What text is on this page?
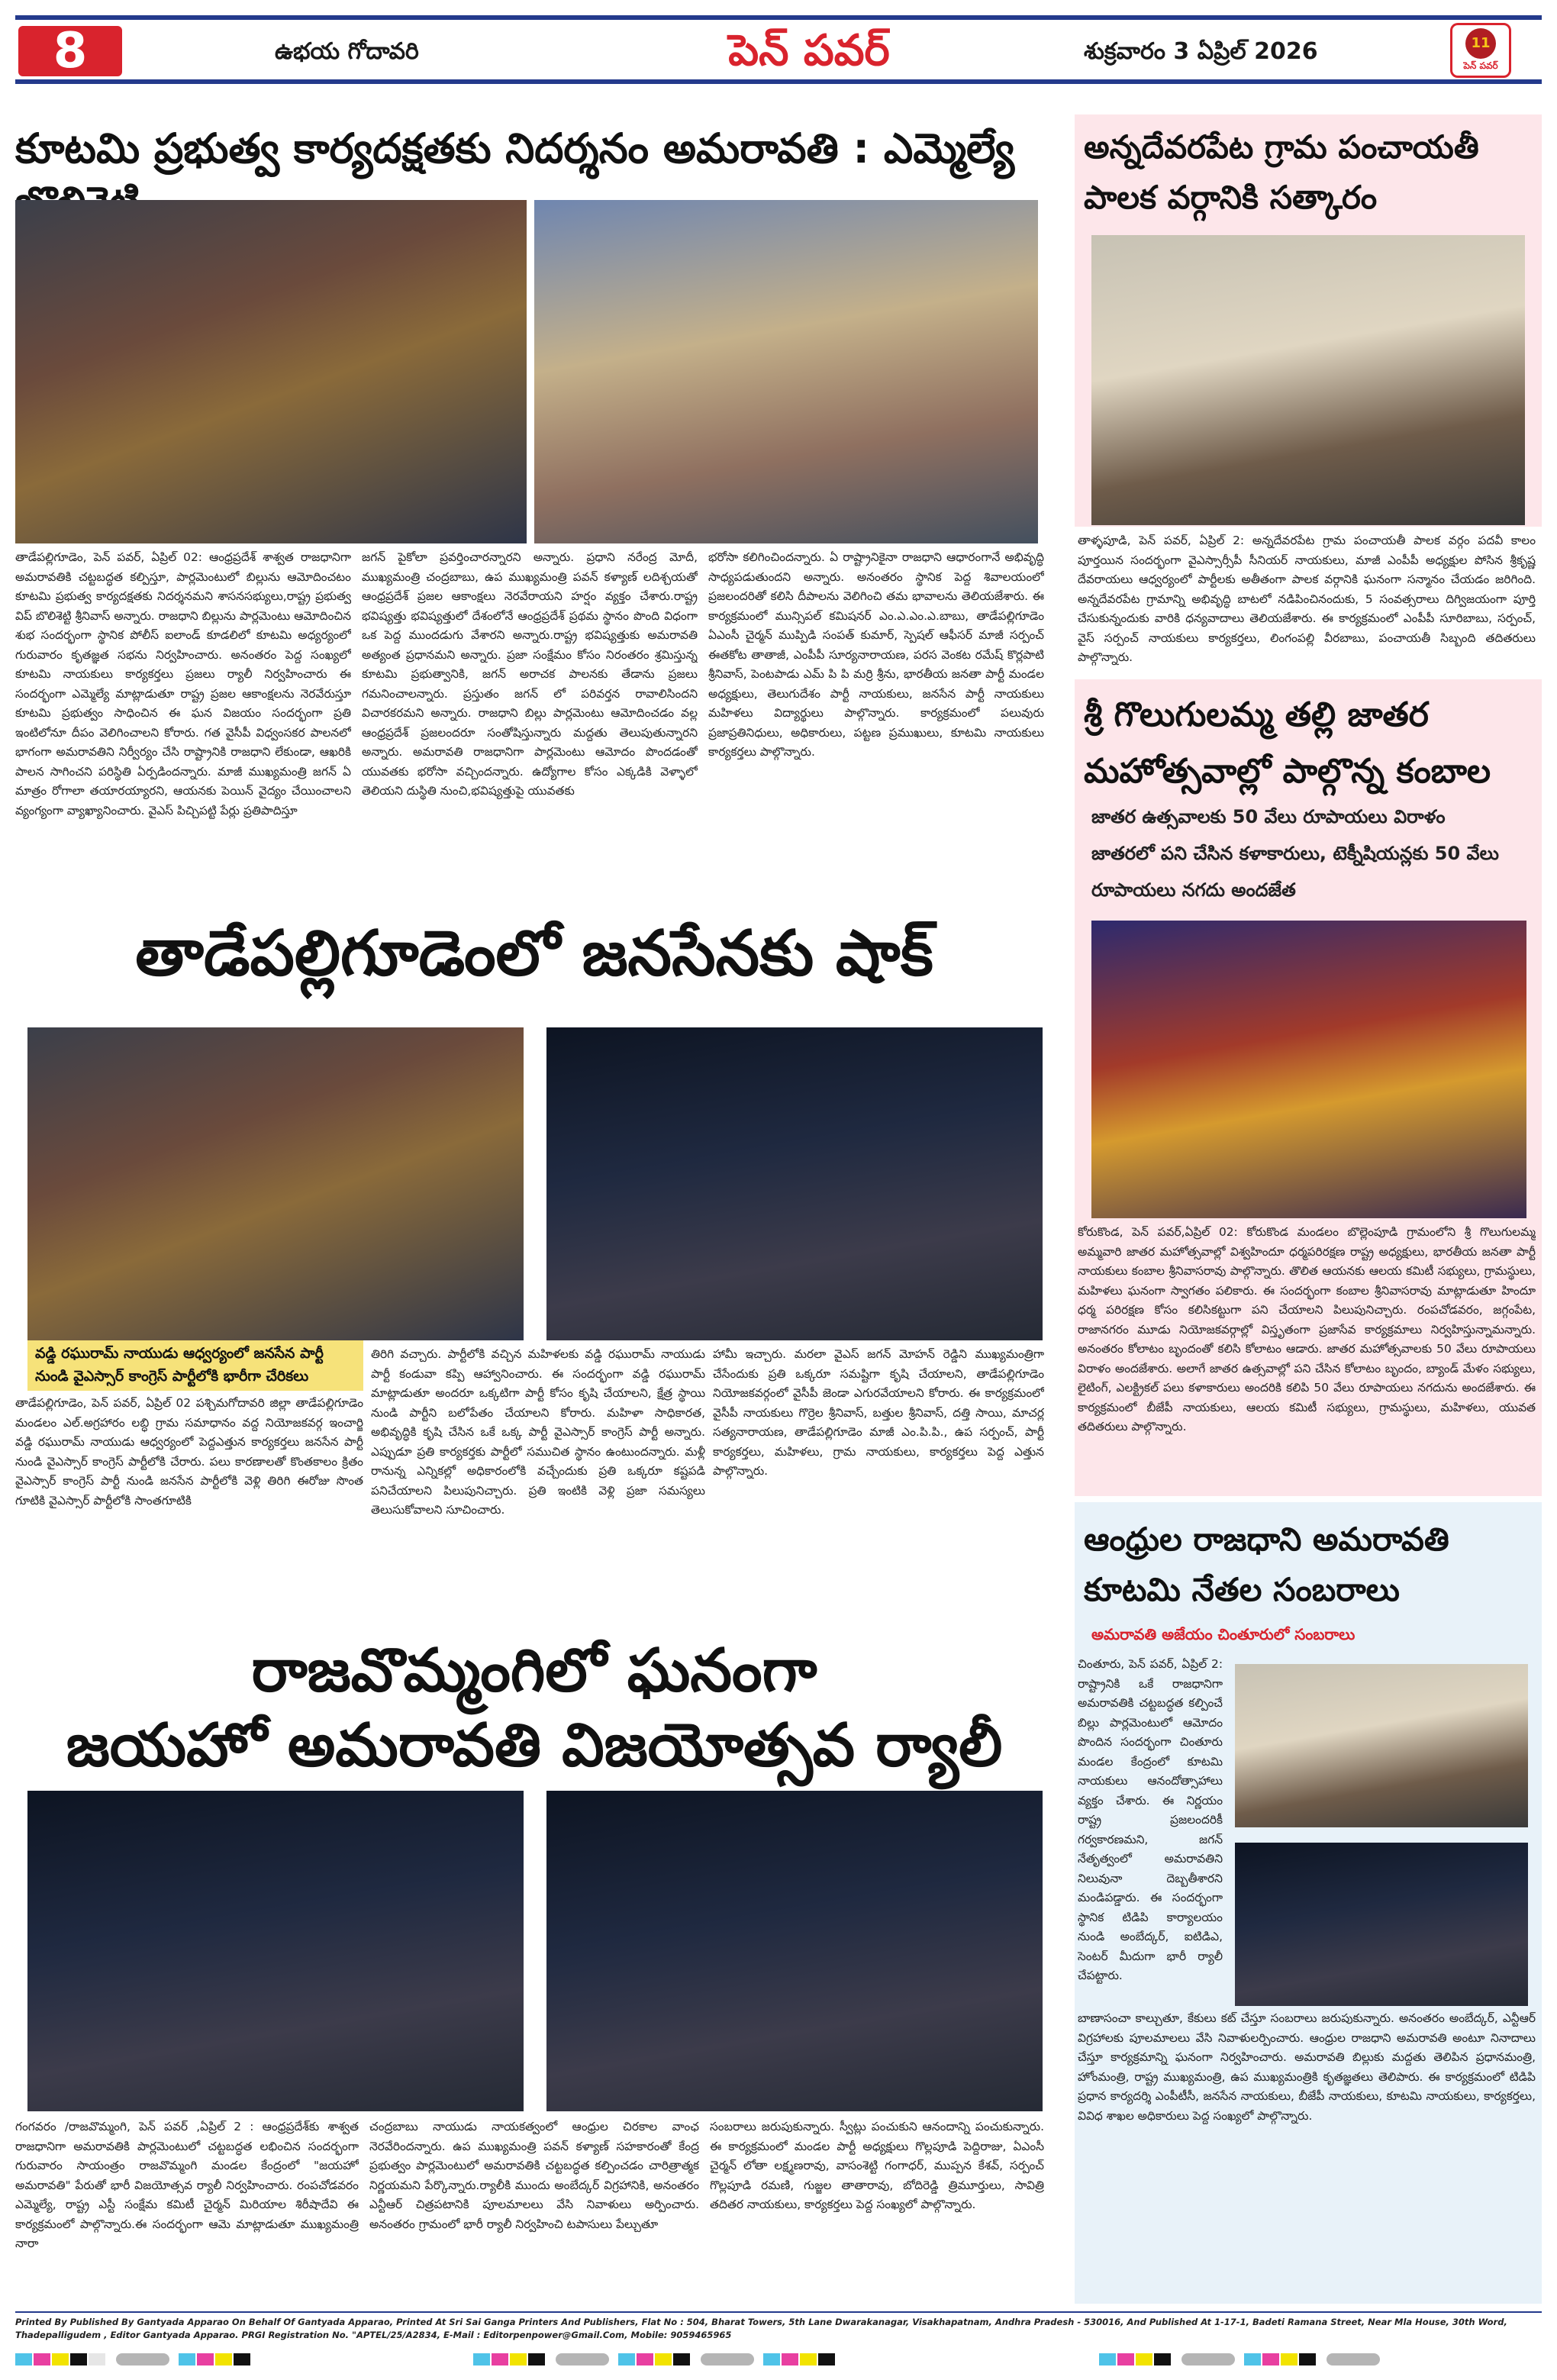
8	ఉభయ గోదావరి	పెన్ పవర్	శుక్రవారం 3 ఏప్రిల్ 2026	11
పెన్ పవర్
కూటమి ప్రభుత్వ కార్యదక్షతకు నిదర్శనం అమరావతి : ఎమ్మెల్యే
తాడేపల్లిగూడెం, పెన్ పవర్, ఏప్రిల్ 02: ఆంధ్రప్రదేశ్ శాశ్వత రాజధానిగా అమరావతికి చట్టబద్ధత కల్పిస్తూ, పార్లమెంటులో బిల్లును ఆమోదించటం కూటమి ప్రభుత్వ కార్యదక్షతకు నిదర్శనమని శాసనసభ్యులు,రాష్ట్ర ప్రభుత్వ విప్ బొలిశెట్టి శ్రీనివాస్ అన్నారు. రాజధాని బిల్లును పార్లమెంటు ఆమోదించిన శుభ సందర్భంగా స్థానిక పోలీస్ ఐలాండ్ కూడలిలో కూటమి అధ్యర్యంలో గురువారం కృతజ్ఞత సభను నిర్వహించారు. అనంతరం పెద్ద సంఖ్యలో కూటమి నాయకులు కార్యకర్తలు ప్రజలు ర్యాలీ నిర్వహించారు ఈ సందర్భంగా ఎమ్మెల్యే మాట్లాడుతూ రాష్ట్ర ప్రజల ఆకాంక్షలను నెరవేరుస్తూ కూటమి ప్రభుత్వం సాధించిన ఈ ఘన విజయం సందర్భంగా ప్రతి ఇంటిలోనూ దీపం వెలిగించాలని కోరారు. గత వైసీపీ విధ్వంసకర పాలనలో భాగంగా అమరావతిని నిర్వీర్యం చేసి రాష్ట్రానికి రాజధాని లేకుండా, ఆఖరికి పాలన సాగించని పరిస్థితి ఏర్పడిందన్నారు. మాజీ ముఖ్యమంత్రి జగన్ ఏ మాత్రం రోగాలా తయారయ్యారని, ఆయనకు పెయిన్ వైద్యం చేయించాలని వ్యంగ్యంగా వ్యాఖ్యానించారు. వైఎస్ పిచ్చిపట్టి పేర్లు ప్రతిపాదిస్తూ
జగన్ పైకోలా ప్రవర్తించారన్నారని అన్నారు. ప్రధాని నరేంద్ర మోదీ, ముఖ్యమంత్రి చంద్రబాబు, ఉప ముఖ్యమంత్రి పవన్ కళ్యాణ్ లదిశ్చయతో ఆంధ్రప్రదేశ్ ప్రజల ఆకాంక్షలు నెరవేరాయని హర్షం వ్యక్తం చేశారు.రాష్ట్ర భవిష్యత్తు భవిష్యత్తులో దేశంలోనే ఆంధ్రప్రదేశ్ ప్రథమ స్థానం పొంది విధంగా ఒక పెద్ద ముందడుగు వేశారని అన్నారు.రాష్ట్ర భవిష్యత్తుకు అమరావతి అత్యంత ప్రధానమని అన్నారు. ప్రజా సంక్షేమం కోసం నిరంతరం శ్రమిస్తున్న కూటమి ప్రభుత్వానికి, జగన్ అరాచక పాలనకు తేడాను ప్రజలు గమనించాలన్నారు. ప్రస్తుతం జగన్ లో పరివర్తన రావాలిసిందని విచారకరమని అన్నారు. రాజధాని బిల్లు పార్లమెంటు ఆమోదించడం వల్ల ఆంధ్రప్రదేశ్ ప్రజలందరూ సంతోషిస్తున్నారు మద్దతు తెలుపుతున్నారని అన్నారు. అమరావతి రాజధానిగా పార్లమెంటు ఆమోదం పొందడంతో యువతకు భరోసా వచ్చిందన్నారు. ఉద్యోగాల కోసం ఎక్కడికి వెళ్ళాలో తెలియని దుస్థితి నుంచి,భవిష్యత్తుపై యువతకు
భరోసా కలిగించిందన్నారు. ఏ రాష్ట్రానికైనా రాజధాని ఆధారంగానే అభివృద్ధి సాధ్యపడుతుందని అన్నారు. అనంతరం స్థానిక పెద్ద శివాలయంలో ప్రజలందరితో కలిసి దీపాలను వెలిగించి తమ భావాలను తెలియజేశారు. ఈ కార్యక్రమంలో మున్సిపల్ కమిషనర్ ఎం.ఎ.ఎం.ఎ.బాబు, తాడేపల్లిగూడెం ఏఎంసీ చైర్మన్ ముప్పిడి సంపత్ కుమార్, స్పెషల్ ఆఫీసర్ మాజీ సర్పంచ్ ఈతకోట తాతాజీ, ఎంపీపీ సూర్యనారాయణ, పరస వెంకట రమేష్ కొర్లపాటి శ్రీనివాస్, పెంటపాడు ఎమ్ పి పి మర్రి శ్రీను, భారతీయ జనతా పార్టీ మండల అధ్యక్షులు, తెలుగుదేశం పార్టీ నాయకులు, జనసేన పార్టీ నాయకులు మహిళలు విద్యార్థులు పాల్గొన్నారు. కార్యక్రమంలో పలువురు ప్రజాప్రతినిధులు, అధికారులు, పట్టణ ప్రముఖులు, కూటమి నాయకులు కార్యకర్తలు పాల్గొన్నారు.
తాడేపల్లిగూడెంలో జనసేనకు షాక్
వడ్డి రఘురామ్ నాయుడు ఆధ్వర్యంలో జనసేన పార్టీ నుండి వైఎస్సార్ కాంగ్రెస్ పార్టీలోకి భారీగా చేరికలు
తాడేపల్లిగూడెం, పెన్ పవర్, ఏప్రిల్ 02 పశ్చిమగోదావరి జిల్లా తాడేపల్లిగూడెం మండలం ఎల్.అగ్రహారం లబ్ధి గ్రామ సమాధానం వద్ద నియోజకవర్గ ఇంచార్జి వడ్డి రఘురామ్ నాయుడు ఆధ్వర్యంలో పెద్దఎత్తున కార్యకర్తలు జనసేన పార్టీ నుండి వైఎస్సార్ కాంగ్రెస్ పార్టీలోకి చేరారు. పలు కారణాలతో కొంతకాలం క్రితం వైఎస్సార్ కాంగ్రెస్ పార్టీ నుండి జనసేన పార్టీలోకి వెళ్లి తిరిగి ఈరోజు సొంత గూటికి వైఎస్సార్ పార్టీలోకి సాంతగూటికి
తిరిగి వచ్చారు. పార్టీలోకి వచ్చిన మహిళలకు వడ్డి రఘురామ్ నాయుడు పార్టీ కండువా కప్పి ఆహ్వానించారు. ఈ సందర్భంగా వడ్డి రఘురామ్ మాట్లాడుతూ అందరూ ఒక్కటిగా పార్టీ కోసం కృషి చేయాలని, క్షేత్ర స్థాయి నుండి పార్టీని బలోపేతం చేయాలని కోరారు. మహిళా సాధికారత, అభివృద్ధికి కృషి చేసిన ఒకే ఒక్క పార్టీ వైఎస్సార్ కాంగ్రెస్ పార్టీ అన్నారు. ఎప్పుడూ ప్రతి కార్యకర్తకు పార్టీలో సముచిత స్థానం ఉంటుందన్నారు. మళ్లీ రానున్న ఎన్నికల్లో అధికారంలోకి వచ్చేందుకు ప్రతి ఒక్కరూ కష్టపడి పనిచేయాలని పిలుపునిచ్చారు. ప్రతి ఇంటికి వెళ్లి ప్రజా సమస్యలు తెలుసుకోవాలని సూచించారు.
హామీ ఇచ్చారు. మరలా వైఎస్ జగన్ మోహన్ రెడ్డిని ముఖ్యమంత్రిగా చేసేందుకు ప్రతి ఒక్కరూ సమష్టిగా కృషి చేయాలని, తాడేపల్లిగూడెం నియోజకవర్గంలో వైసీపీ జెండా ఎగురవేయాలని కోరారు. ఈ కార్యక్రమంలో వైసీపీ నాయకులు గొర్రెల శ్రీనివాస్, బత్తుల శ్రీనివాస్, దత్తి సాయి, మాచర్ల సత్యనారాయణ, తాడేపల్లిగూడెం మాజీ ఎం.పి.పి., ఉప సర్పంచ్, పార్టీ కార్యకర్తలు, మహిళలు, గ్రామ నాయకులు, కార్యకర్తలు పెద్ద ఎత్తున పాల్గొన్నారు.
రాజవొమ్మంగిలో ఘనంగా
జయహో అమరావతి విజయోత్సవ ర్యాలీ
గంగవరం /రాజవొమ్మంగి, పెన్ పవర్ ,ఏప్రిల్ 2 : ఆంధ్రప్రదేశ్‌కు శాశ్వత రాజధానిగా అమరావతికి పార్లమెంటులో చట్టబద్ధత లభించిన సందర్భంగా గురువారం సాయంత్రం రాజవొమ్మంగి మండల కేంద్రంలో "జయహో అమరావతి" పేరుతో భారీ విజయోత్సవ ర్యాలీ నిర్వహించారు. రంపచోడవరం ఎమ్మెల్యే, రాష్ట్ర ఎస్టీ సంక్షేమ కమిటీ చైర్మన్ మిరియాల శిరీషాదేవి ఈ కార్యక్రమంలో పాల్గొన్నారు.ఈ సందర్భంగా ఆమె మాట్లాడుతూ ముఖ్యమంత్రి నారా
చంద్రబాబు నాయుడు నాయకత్వంలో ఆంధ్రుల చిరకాల వాంఛ నెరవేరిందన్నారు. ఉప ముఖ్యమంత్రి పవన్ కళ్యాణ్ సహకారంతో కేంద్ర ప్రభుత్వం పార్లమెంటులో అమరావతికి చట్టబద్ధత కల్పించడం చారిత్రాత్మక నిర్ణయమని పేర్కొన్నారు.ర్యాలీకి ముందు అంబేద్కర్ విగ్రహానికి, అనంతరం ఎన్టీఆర్ చిత్రపటానికి పూలమాలలు వేసి నివాళులు అర్పించారు. అనంతరం గ్రామంలో భారీ ర్యాలీ నిర్వహించి టపాసులు పేల్చుతూ
సంబరాలు జరుపుకున్నారు. స్వీట్లు పంచుకుని ఆనందాన్ని పంచుకున్నారు. ఈ కార్యక్రమంలో మండల పార్టీ అధ్యక్షులు గొల్లపూడి పెద్దిరాజు, ఏఎంసీ చైర్మన్ లోతా లక్ష్మణరావు, వాసంశెట్టి గంగాధర్, ముప్పన కేశవ్, సర్పంచ్ గొల్లపూడి రమణి, గుజ్జల తాతారావు, బోదిరెడ్డి త్రిమూర్తులు, సావిత్రి తదితర నాయకులు, కార్యకర్తలు పెద్ద సంఖ్యలో పాల్గొన్నారు.
అన్నదేవరపేట గ్రామ పంచాయతీ పాలక వర్గానికి సత్కారం
తాళ్ళపూడి, పెన్ పవర్, ఏప్రిల్ 2: అన్నదేవరపేట గ్రామ పంచాయతీ పాలక వర్గం పదవీ కాలం పూర్తయిన సందర్భంగా వైఎస్సార్సీపీ సీనియర్ నాయకులు, మాజీ ఎంపీపీ అధ్యక్షుల పోసిన శ్రీకృష్ణ దేవరాయలు ఆధ్వర్యంలో పార్టీలకు అతీతంగా పాలక వర్గానికి ఘనంగా సన్మానం చేయడం జరిగింది. అన్నదేవరపేట గ్రామాన్ని అభివృద్ధి బాటలో నడిపించినందుకు, 5 సంవత్సరాలు దిగ్విజయంగా పూర్తి చేసుకున్నందుకు వారికి ధన్యవాదాలు తెలియజేశారు. ఈ కార్యక్రమంలో ఎంపీపీ సూరిబాబు, సర్పంచ్, వైస్ సర్పంచ్ నాయకులు కార్యకర్తలు, లింగంపల్లి వీరబాబు, పంచాయతీ సిబ్బంది తదితరులు పాల్గొన్నారు.
శ్రీ గొలుగులమ్మ తల్లి జాతర మహోత్సవాల్లో పాల్గొన్న కంబాల
జాతర ఉత్సవాలకు 50 వేలు రూపాయలు విరాళం
జాతరలో పని చేసిన కళాకారులు, టెక్నీషియన్లకు 50 వేలు రూపాయలు నగదు అందజేత
కోరుకొండ, పెన్ పవర్,ఏప్రిల్ 02: కోరుకొండ మండలం బొల్లెంపూడి గ్రామంలోని శ్రీ గొలుగులమ్మ అమ్మవారి జాతర మహోత్సవాల్లో విశ్వహిందూ ధర్మపరిరక్షణ రాష్ట్ర అధ్యక్షులు, భారతీయ జనతా పార్టీ నాయకులు కంబాల శ్రీనివాసరావు పాల్గొన్నారు. తొలిత ఆయనకు ఆలయ కమిటీ సభ్యులు, గ్రామస్థులు, మహిళలు ఘనంగా స్వాగతం పలికారు. ఈ సందర్భంగా కంబాల శ్రీనివాసరావు మాట్లాడుతూ హిందూ ధర్మ పరిరక్షణ కోసం కలిసికట్టుగా పని చేయాలని పిలుపునిచ్చారు. రంపచోడవరం, జగ్గంపేట, రాజానగరం మూడు నియోజకవర్గాల్లో విస్తృతంగా ప్రజాసేవ కార్యక్రమాలు నిర్వహిస్తున్నామన్నారు. అనంతరం కోలాటం బృందంతో కలిసి కోలాటం ఆడారు. జాతర మహోత్సవాలకు 50 వేలు రూపాయలు విరాళం అందజేశారు. అలాగే జాతర ఉత్సవాల్లో పని చేసిన కోలాటం బృందం, బ్యాండ్ మేళం సభ్యులు, లైటింగ్, ఎలక్ట్రికల్ పలు కళాకారులు అందరికి కలిపి 50 వేలు రూపాయలు నగదును అందజేశారు. ఈ కార్యక్రమంలో బీజేపీ నాయకులు, ఆలయ కమిటీ సభ్యులు, గ్రామస్థులు, మహిళలు, యువత తదితరులు పాల్గొన్నారు.
ఆంధ్రుల రాజధాని అమరావతి కూటమి నేతల సంబరాలు
అమరావతి అజేయం చింతూరులో సంబరాలు
చింతూరు, పెన్ పవర్, ఏప్రిల్ 2: రాష్ట్రానికి ఒకే రాజధానిగా అమరావతికి చట్టబద్ధత కల్పించే బిల్లు పార్లమెంటులో ఆమోదం పొందిన సందర్భంగా చింతూరు మండల కేంద్రంలో కూటమి నాయకులు ఆనందోత్సాహాలు వ్యక్తం చేశారు. ఈ నిర్ణయం రాష్ట్ర ప్రజలందరికీ గర్వకారణమని, జగన్ నేతృత్వంలో అమరావతిని నిలువునా దెబ్బతీశారని మండిపడ్డారు. ఈ సందర్భంగా స్థానిక టిడిపి కార్యాలయం నుండి అంబేద్కర్, ఐటిడిఎ, సెంటర్ మీదుగా భారీ ర్యాలీ చేపట్టారు.
బాణాసంచా కాల్చుతూ, కేకులు కట్ చేస్తూ సంబరాలు జరుపుకున్నారు. అనంతరం అంబేద్కర్, ఎన్టీఆర్ విగ్రహాలకు పూలమాలలు వేసి నివాళులర్పించారు. ఆంధ్రుల రాజధాని అమరావతి అంటూ నినాదాలు చేస్తూ కార్యక్రమాన్ని ఘనంగా నిర్వహించారు. అమరావతి బిల్లుకు మద్దతు తెలిపిన ప్రధానమంత్రి, హోంమంత్రి, రాష్ట్ర ముఖ్యమంత్రి, ఉప ముఖ్యమంత్రికి కృతజ్ఞతలు తెలిపారు. ఈ కార్యక్రమంలో టిడిపి ప్రధాన కార్యదర్శి ఎంపీటీసీ, జనసేన నాయకులు, బీజేపీ నాయకులు, కూటమి నాయకులు, కార్యకర్తలు, వివిధ శాఖల అధికారులు పెద్ద సంఖ్యలో పాల్గొన్నారు.
Printed By Published By Gantyada Apparao On Behalf Of Gantyada Apparao, Printed At Sri Sai Ganga Printers And Publishers, Flat No : 504, Bharat Towers, 5th Lane Dwarakanagar, Visakhapatnam, Andhra Pradesh - 530016, And Published At 1-17-1, Badeti Ramana Street, Near Mla House, 30th Word, Thadepalligudem , Editor Gantyada Apparao. PRGI Registration No. "APTEL/25/A2834, E-Mail : Editorpenpower@Gmail.Com, Mobile: 9059465965
